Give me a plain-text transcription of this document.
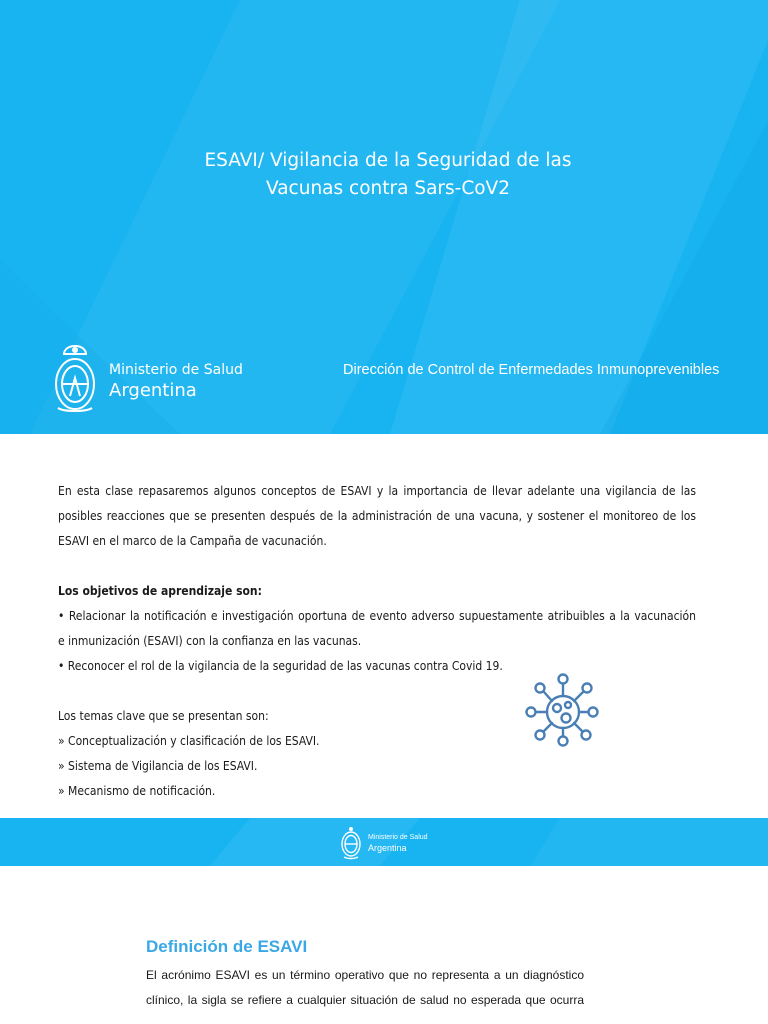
ESAVI/ Vigilancia de la Seguridad de las
Vacunas contra Sars-CoV2
Ministerio de Salud
Argentina
Dirección de Control de Enfermedades Inmunoprevenibles
En esta clase repasaremos algunos conceptos de ESAVI y la importancia de llevar adelante una vigilancia de las
posibles reacciones que se presenten después de la administración de una vacuna, y sostener el monitoreo de los
ESAVI en el marco de la Campaña de vacunación.
Los objetivos de aprendizaje son:
• Relacionar la notificación e investigación oportuna de evento adverso supuestamente atribuibles a la vacunación
e inmunización (ESAVI) con la confianza en las vacunas.
• Reconocer el rol de la vigilancia de la seguridad de las vacunas contra Covid 19.
Los temas clave que se presentan son:
» Conceptualización y clasificación de los ESAVI.
» Sistema de Vigilancia de los ESAVI.
» Mecanismo de notificación.
Ministerio de Salud
Argentina
Definición de ESAVI
El acrónimo ESAVI es un término operativo que no representa a un diagnóstico
clínico, la sigla se refiere a cualquier situación de salud no esperada que ocurra
